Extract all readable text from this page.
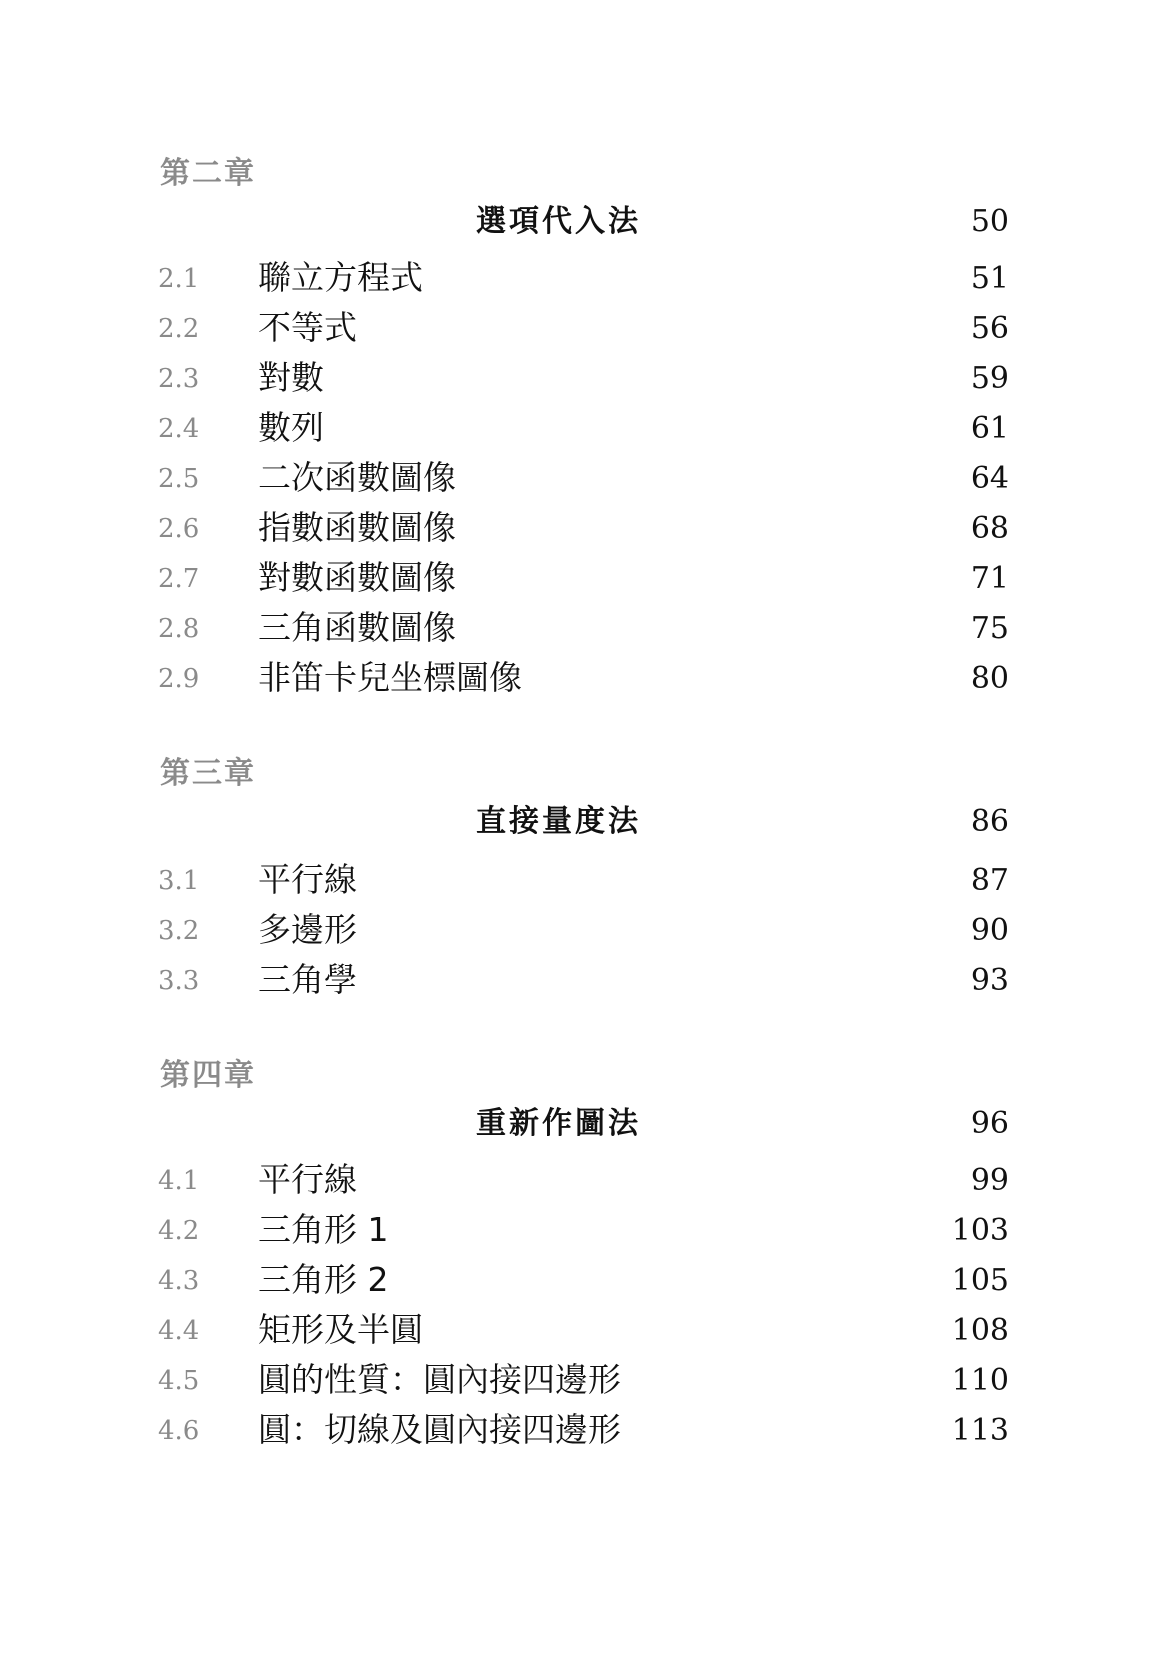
第二章
選項代入法	50
2.1 聯立方程式	51
2.2 不等式	56
2.3 對數	59
2.4 數列	61
2.5 二次函數圖像	64
2.6 指數函數圖像	68
2.7 對數函數圖像	71
2.8 三角函數圖像	75
2.9 非笛卡兒坐標圖像	80
第三章
直接量度法	86
3.1 平行線	87
3.2 多邊形	90
3.3 三角學	93
第四章
重新作圖法	96
4.1 平行線	99
4.2 三角形 1	103
4.3 三角形 2	105
4.4 矩形及半圓	108
4.5 圓的性質：圓內接四邊形	110
4.6 圓：切線及圓內接四邊形	113
